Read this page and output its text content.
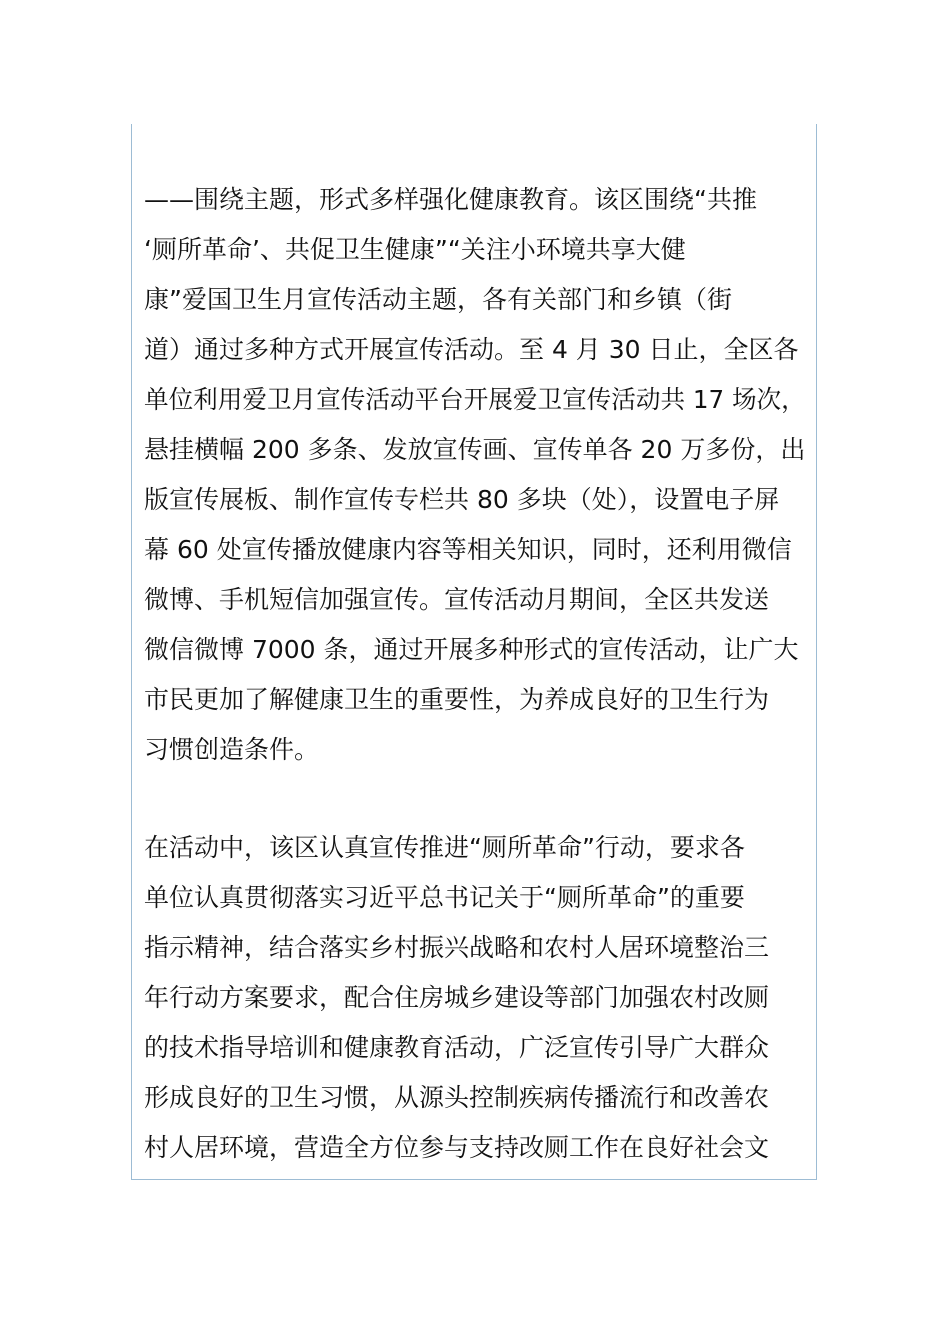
——围绕主题，形式多样强化健康教育。该区围绕“共推

‘厕所革命’、共促卫生健康”“关注小环境共享大健

康”爱国卫生月宣传活动主题，各有关部门和乡镇（街

道）通过多种方式开展宣传活动。至 4 月 30 日止，全区各

单位利用爱卫月宣传活动平台开展爱卫宣传活动共 17 场次，

悬挂横幅 200 多条、发放宣传画、宣传单各 20 万多份，出

版宣传展板、制作宣传专栏共 80 多块（处），设置电子屏

幕 60 处宣传播放健康内容等相关知识，同时，还利用微信

微博、手机短信加强宣传。宣传活动月期间，全区共发送

微信微博 7000 条，通过开展多种形式的宣传活动，让广大

市民更加了解健康卫生的重要性，为养成良好的卫生行为

习惯创造条件。

在活动中，该区认真宣传推进“厕所革命”行动，要求各

单位认真贯彻落实习近平总书记关于“厕所革命”的重要

指示精神，结合落实乡村振兴战略和农村人居环境整治三

年行动方案要求，配合住房城乡建设等部门加强农村改厕

的技术指导培训和健康教育活动，广泛宣传引导广大群众

形成良好的卫生习惯，从源头控制疾病传播流行和改善农

村人居环境，营造全方位参与支持改厕工作在良好社会文
